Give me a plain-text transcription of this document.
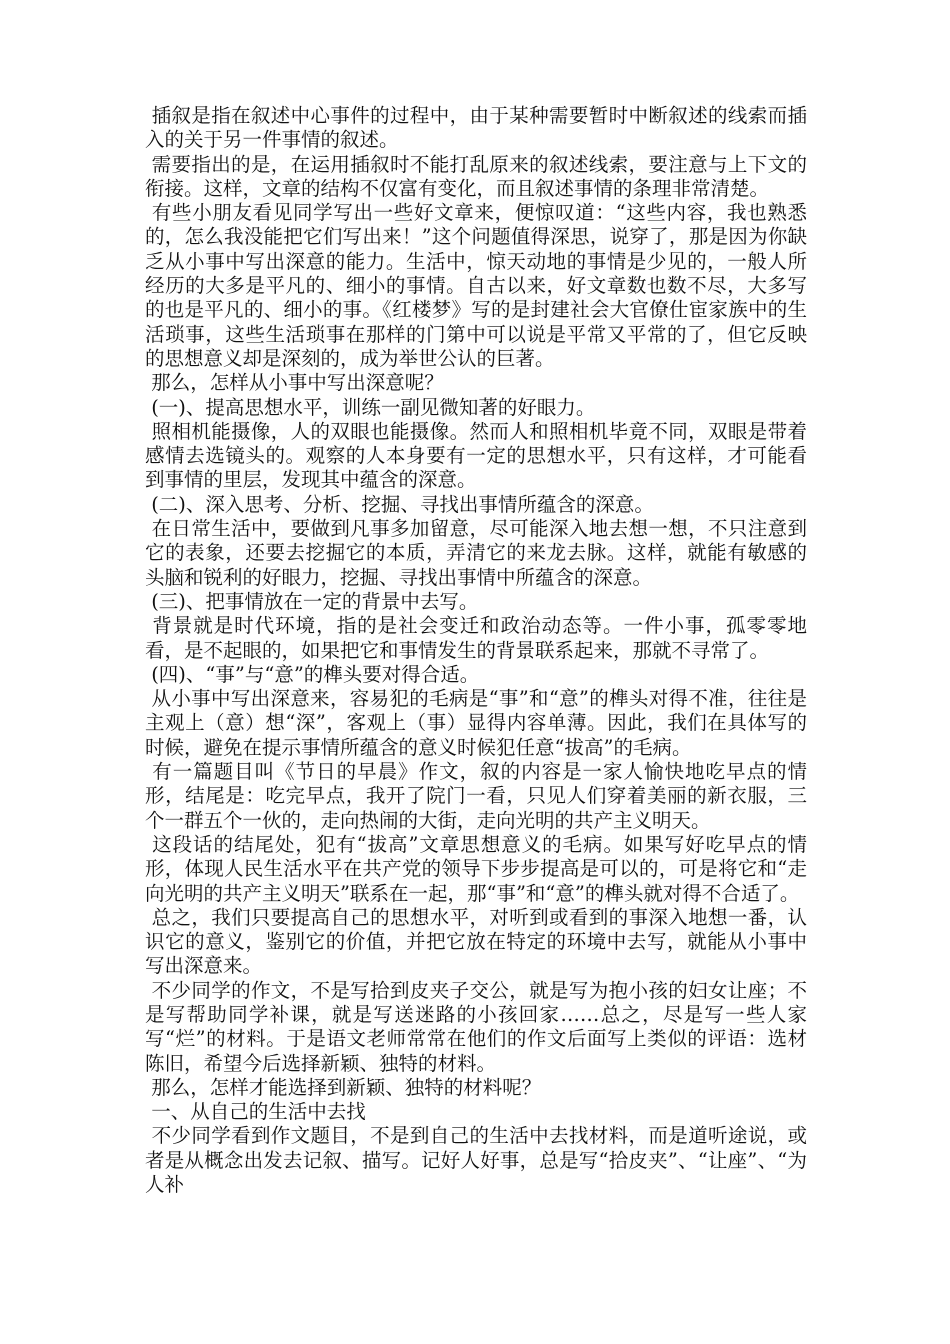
插叙是指在叙述中心事件的过程中，由于某种需要暂时中断叙述的线索而插入的关于另一件事情的叙述。

需要指出的是，在运用插叙时不能打乱原来的叙述线索，要注意与上下文的衔接。这样，文章的结构不仅富有变化，而且叙述事情的条理非常清楚。

有些小朋友看见同学写出一些好文章来，便惊叹道：“这些内容，我也熟悉的，怎么我没能把它们写出来！”这个问题值得深思，说穿了，那是因为你缺乏从小事中写出深意的能力。生活中，惊天动地的事情是少见的，一般人所经历的大多是平凡的、细小的事情。自古以来，好文章数也数不尽，大多写的也是平凡的、细小的事。《红楼梦》写的是封建社会大官僚仕宦家族中的生活琐事，这些生活琐事在那样的门第中可以说是平常又平常的了，但它反映的思想意义却是深刻的，成为举世公认的巨著。

那么，怎样从小事中写出深意呢？

(一)、提高思想水平，训练一副见微知著的好眼力。

照相机能摄像，人的双眼也能摄像。然而人和照相机毕竟不同，双眼是带着感情去选镜头的。观察的人本身要有一定的思想水平，只有这样，才可能看到事情的里层，发现其中蕴含的深意。

(二)、深入思考、分析、挖掘、寻找出事情所蕴含的深意。

在日常生活中，要做到凡事多加留意，尽可能深入地去想一想，不只注意到它的表象，还要去挖掘它的本质，弄清它的来龙去脉。这样，就能有敏感的头脑和锐利的好眼力，挖掘、寻找出事情中所蕴含的深意。

(三)、把事情放在一定的背景中去写。

背景就是时代环境，指的是社会变迁和政治动态等。一件小事，孤零零地看，是不起眼的，如果把它和事情发生的背景联系起来，那就不寻常了。

(四)、“事”与“意”的榫头要对得合适。

从小事中写出深意来，容易犯的毛病是“事”和“意”的榫头对得不准，往往是主观上（意）想“深”，客观上（事）显得内容单薄。因此，我们在具体写的时候，避免在提示事情所蕴含的意义时候犯任意“拔高”的毛病。

有一篇题目叫《节日的早晨》作文，叙的内容是一家人愉快地吃早点的情形，结尾是：吃完早点，我开了院门一看，只见人们穿着美丽的新衣服，三个一群五个一伙的，走向热闹的大街，走向光明的共产主义明天。

这段话的结尾处，犯有“拔高”文章思想意义的毛病。如果写好吃早点的情形，体现人民生活水平在共产党的领导下步步提高是可以的，可是将它和“走向光明的共产主义明天”联系在一起，那“事”和“意”的榫头就对得不合适了。

总之，我们只要提高自己的思想水平，对听到或看到的事深入地想一番，认识它的意义，鉴别它的价值，并把它放在特定的环境中去写，就能从小事中写出深意来。

不少同学的作文，不是写拾到皮夹子交公，就是写为抱小孩的妇女让座；不是写帮助同学补课，就是写送迷路的小孩回家……总之，尽是写一些人家写“烂”的材料。于是语文老师常常在他们的作文后面写上类似的评语：选材陈旧，希望今后选择新颖、独特的材料。

那么，怎样才能选择到新颖、独特的材料呢？

一、从自己的生活中去找

不少同学看到作文题目，不是到自己的生活中去找材料，而是道听途说，或者是从概念出发去记叙、描写。记好人好事，总是写“拾皮夹”、“让座”、“为人补
